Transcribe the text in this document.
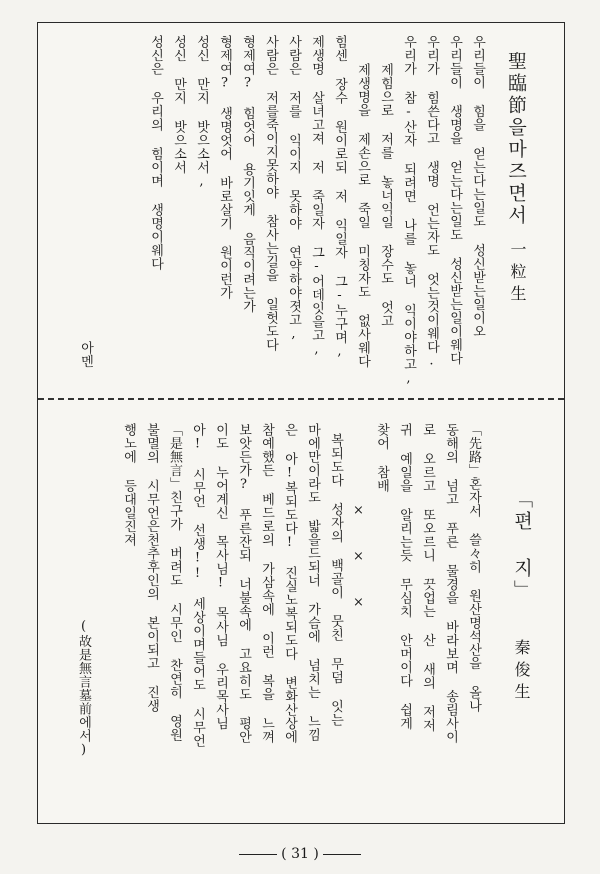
聖臨節을마즈면서
一粒生
우리들이 힘을 얻는다는일도 성신받는일이오
우리들이 생명을 얻는다는일도 성신받는일이웨다
우리가 힘쓴다고 생명 언는자도 엇는것이웨다.
우리가 참-산자 되려면 나를 놓너 익이야하고,
제힘으로 저를 놓너익일 장수도 엇고
제생명을 제손으로 죽일 미칭자도 없사웨다
힘센 장수 원이로되 저 익일자 그-누구며,
제생명 살녀고져 저 죽일자 그-어데잇을고,
사람은 저를 익이지 못하야 연약하야졋고,
사람은 저를죽이지못하야 참사는길을 일헛도다
형제여? 힘엇어 용기잇게 음직이려는가
형제여? 생명엇어 바로살기 원이런가
성신 만지 밧으소서,
성신 만지 밧으소서
성신은 우리의 힘이며 생명이웨다
아멘
「편 지」
秦俊生
「先路」혼자서 쓸々히 원산명석산을 올나
동해의 넘고 푸른 물경을 바라보며 송림사이
로 오르고 또오르니 끗업는 산 새의 저저
귀 예일을 알리는듯 무심치 안머이다 쉽게
찾어 참배
× × ×
복되도다 성자의 백골이 뭇친 무덤 잇는
마에만이라도 밟을드되너 가슴에 넘치는 느낌
은 아!복되도다! 진실노복되도다 변화산상에
참예했든 베드로의 가삼속에 이런 복을 느껴
보앗든가? 푸른잔되 너불속에 고요히도 평안
이도 누어계신 목사님! 목사님 우리목사님
아! 시무언 선생!! 세상이며들어도 시무언
「是無言」친구가 버려도 시무인 찬연히 영원
불멸의 시무언은천추후인의 본이되고 진생
행노에 등대일진져
(故是無言墓前에서)
( 31 )
